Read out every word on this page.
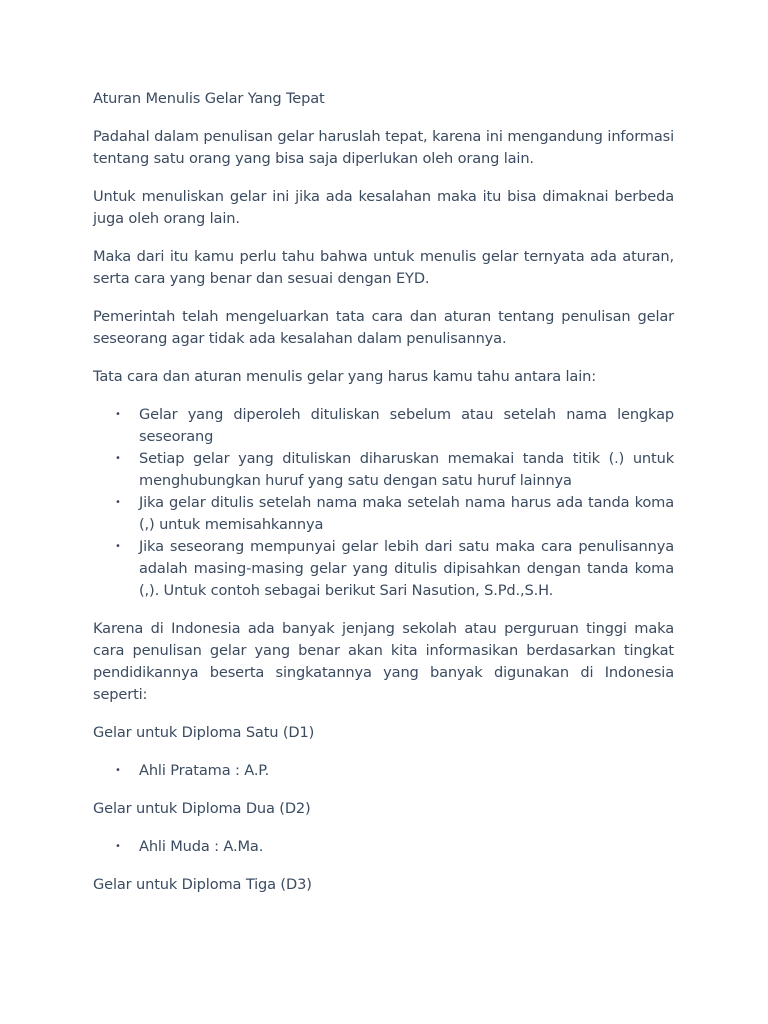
Aturan Menulis Gelar Yang Tepat

Padahal dalam penulisan gelar haruslah tepat, karena ini mengandung informasi tentang satu orang yang bisa saja diperlukan oleh orang lain.

Untuk menuliskan gelar ini jika ada kesalahan maka itu bisa dimaknai berbeda juga oleh orang lain.

Maka dari itu kamu perlu tahu bahwa untuk menulis gelar ternyata ada aturan, serta cara yang benar dan sesuai dengan EYD.

Pemerintah telah mengeluarkan tata cara dan aturan tentang penulisan gelar seseorang agar tidak ada kesalahan dalam penulisannya.

Tata cara dan aturan menulis gelar yang harus kamu tahu antara lain:

• Gelar yang diperoleh dituliskan sebelum atau setelah nama lengkap seseorang
• Setiap gelar yang dituliskan diharuskan memakai tanda titik (.) untuk menghubungkan huruf yang satu dengan satu huruf lainnya
• Jika gelar ditulis setelah nama maka setelah nama harus ada tanda koma (,) untuk memisahkannya
• Jika seseorang mempunyai gelar lebih dari satu maka cara penulisannya adalah masing-masing gelar yang ditulis dipisahkan dengan tanda koma (,). Untuk contoh sebagai berikut Sari Nasution, S.Pd.,S.H.

Karena di Indonesia ada banyak jenjang sekolah atau perguruan tinggi maka cara penulisan gelar yang benar akan kita informasikan berdasarkan tingkat pendidikannya beserta singkatannya yang banyak digunakan di Indonesia seperti:

Gelar untuk Diploma Satu (D1)
• Ahli Pratama : A.P.
Gelar untuk Diploma Dua (D2)
• Ahli Muda : A.Ma.
Gelar untuk Diploma Tiga (D3)
